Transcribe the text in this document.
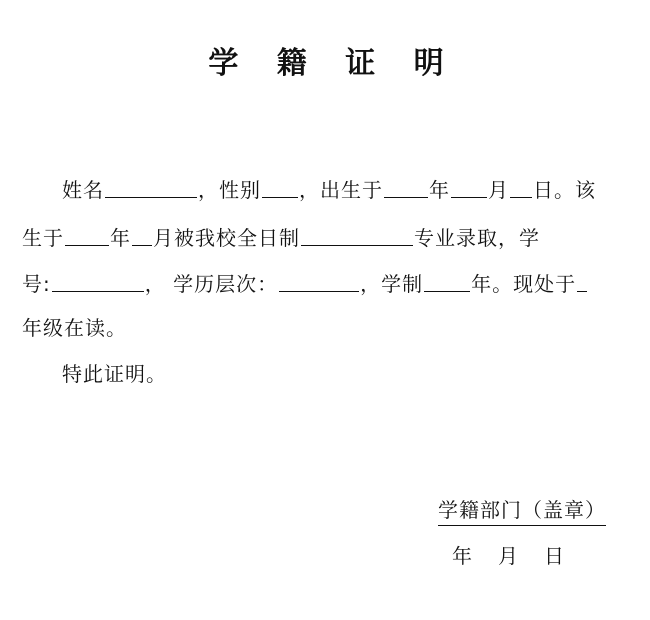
学 籍 证 明
姓名	，性别 ，出生于 年 月 日。该
生于 年 月被我校全日制	专业录取，学
号:	， 学历层次：	，学制 年。现处于
年级在读。
特此证明。
学籍部门（盖章）
年 月 日
